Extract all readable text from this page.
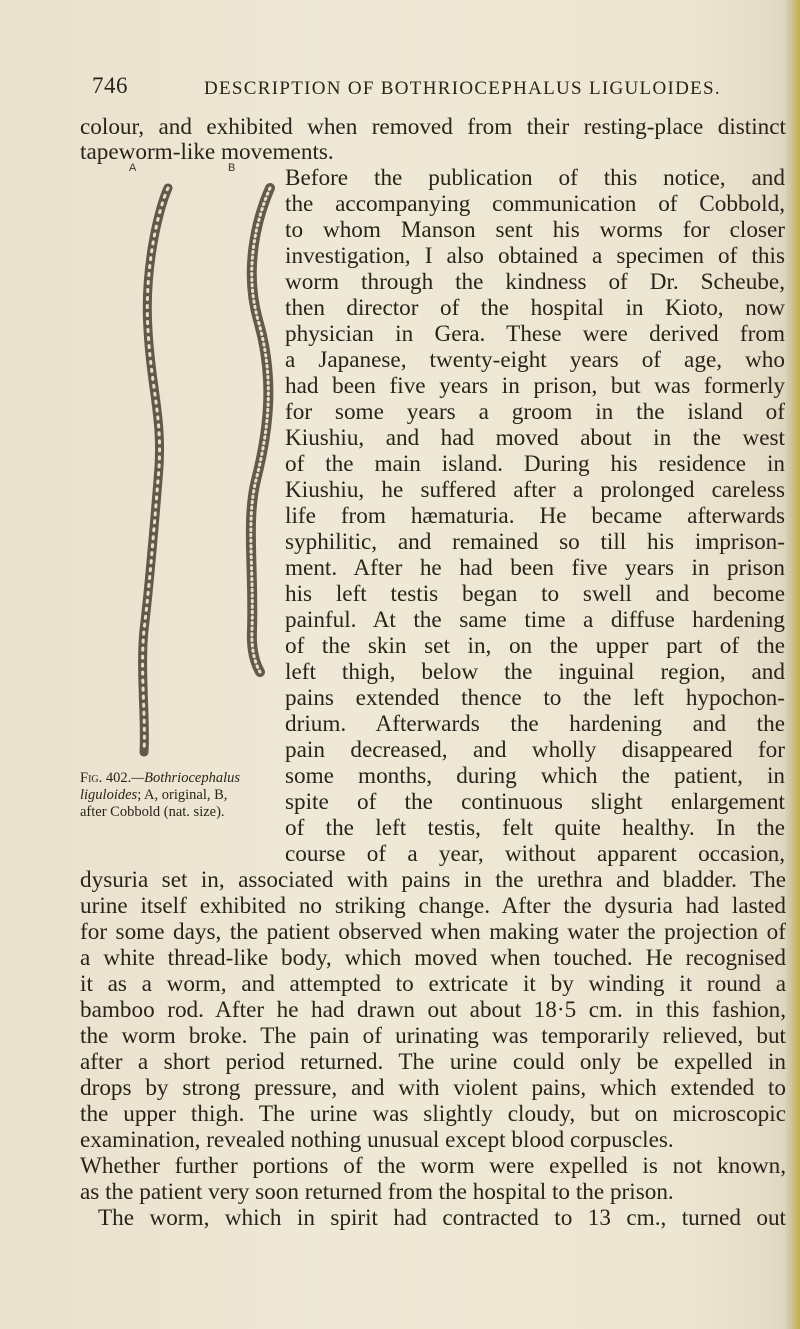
746	DESCRIPTION OF BOTHRIOCEPHALUS LIGULOIDES.
colour, and exhibited when removed from their resting-place distinct
tapeworm-like movements.
A	B Before the publication of this notice, and
the accompanying communication of Cobbold,
to whom Manson sent his worms for closer
investigation, I also obtained a specimen of this
worm through the kindness of Dr. Scheube,
then director of the hospital in Kioto, now
physician in Gera. These were derived from
a Japanese, twenty-eight years of age, who
had been five years in prison, but was formerly
for some years a groom in the island of
Kiushiu, and had moved about in the west
of the main island. During his residence in
Kiushiu, he suffered after a prolonged careless
life from hæmaturia. He became afterwards
syphilitic, and remained so till his imprison-
ment. After he had been five years in prison
his left testis began to swell and become
painful. At the same time a diffuse hardening
of the skin set in, on the upper part of the
left thigh, below the inguinal region, and
pains extended thence to the left hypochon-
drium. Afterwards the hardening and the
pain decreased, and wholly disappeared for
some months, during which the patient, in
spite of the continuous slight enlargement
of the left testis, felt quite healthy. In the
course of a year, without apparent occasion,
Fig. 402.—Bothriocephalus
liguloides; A, original, B,
after Cobbold (nat. size).
dysuria set in, associated with pains in the urethra and bladder. The
urine itself exhibited no striking change. After the dysuria had lasted
for some days, the patient observed when making water the projection of
a white thread-like body, which moved when touched. He recognised
it as a worm, and attempted to extricate it by winding it round a
bamboo rod. After he had drawn out about 18·5 cm. in this fashion,
the worm broke. The pain of urinating was temporarily relieved, but
after a short period returned. The urine could only be expelled in
drops by strong pressure, and with violent pains, which extended to
the upper thigh. The urine was slightly cloudy, but on microscopic
examination, revealed nothing unusual except blood corpuscles.
Whether further portions of the worm were expelled is not known,
as the patient very soon returned from the hospital to the prison.
The worm, which in spirit had contracted to 13 cm., turned out
